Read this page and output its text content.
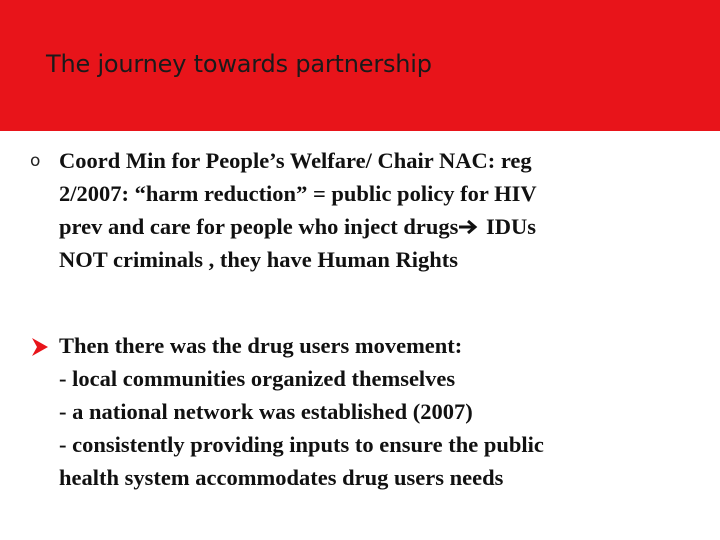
The journey towards partnership
o Coord Min for People’s Welfare/ Chair NAC: reg
2/2007: “harm reduction” = public policy for HIV
prev and care for people who inject drugs IDUs
NOT criminals , they have Human Rights
Then there was the drug users movement:
- local communities organized themselves
- a national network was established (2007)
- consistently providing inputs to ensure the public
health system accommodates drug users needs
